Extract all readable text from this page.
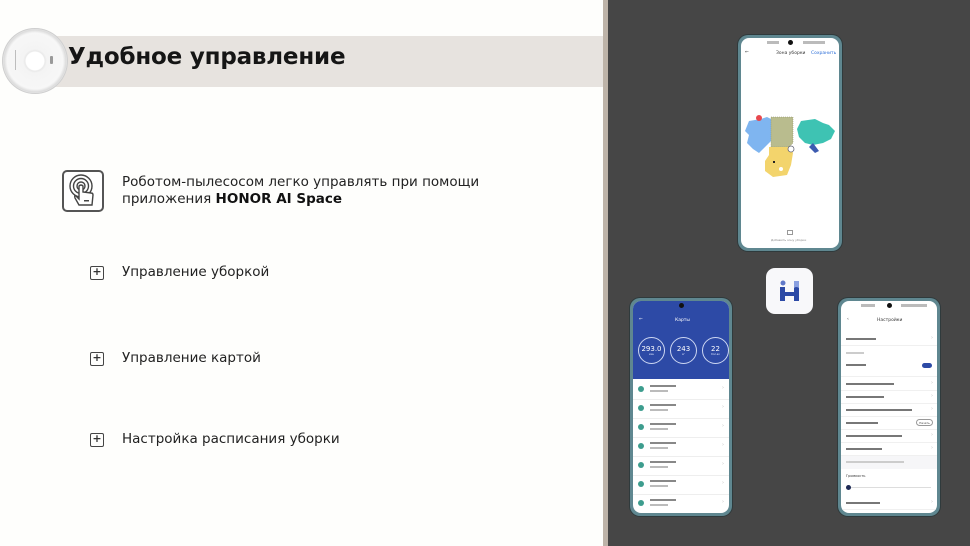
Удобное управление
Роботом-пылесосом легко управлять при помощи приложения HONOR AI Space
+ Управление уборкой
+ Управление картой
+ Настройка расписания уборки
←	Зона уборки Сохранить
Добавить зону уборки
←	Карты
293.0
мин
243
м²
22
Кол-во
›
›
›
›
›
›
›
‹	Настройки
›
›
›
›
Начать
›
›
Громкость
›
